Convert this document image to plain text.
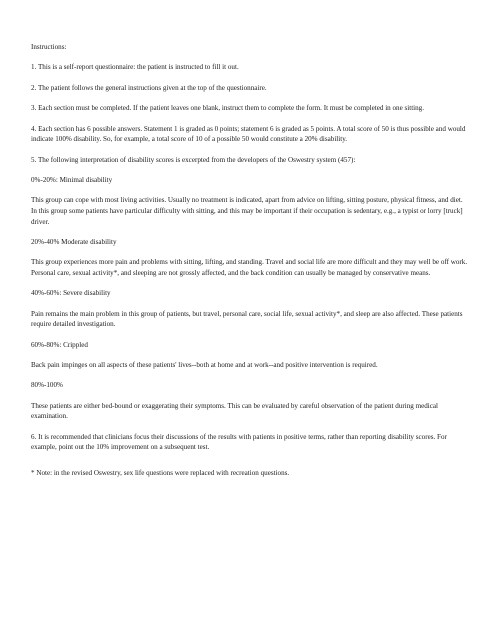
Instructions:

1. This is a self-report questionnaire: the patient is instructed to fill it out.

2. The patient follows the general instructions given at the top of the questionnaire.

3. Each section must be completed. If the patient leaves one blank, instruct them to complete the form. It must be completed in one sitting.

4. Each section has 6 possible answers. Statement 1 is graded as 0 points; statement 6 is graded as 5 points. A total score of 50 is thus possible and would indicate 100% disability. So, for example, a total score of 10 of a possible 50 would constitute a 20% disability.

5. The following interpretation of disability scores is excerpted from the developers of the Oswestry system (457):

0%-20%: Minimal disability

This group can cope with most living activities. Usually no treatment is indicated, apart from advice on lifting, sitting posture, physical fitness, and diet. In this group some patients have particular difficulty with sitting, and this may be important if their occupation is sedentary, e.g., a typist or lorry [truck] driver.

20%-40% Moderate disability

This group experiences more pain and problems with sitting, lifting, and standing. Travel and social life are more difficult and they may well be off work. Personal care, sexual activity*, and sleeping are not grossly affected, and the back condition can usually be managed by conservative means.

40%-60%: Severe disability

Pain remains the main problem in this group of patients, but travel, personal care, social life, sexual activity*, and sleep are also affected. These patients require detailed investigation.

60%-80%: Crippled

Back pain impinges on all aspects of these patients' lives--both at home and at work--and positive intervention is required.

80%-100%

These patients are either bed-bound or exaggerating their symptoms. This can be evaluated by careful observation of the patient during medical examination.

6. It is recommended that clinicians focus their discussions of the results with patients in positive terms, rather than reporting disability scores. For example, point out the 10% improvement on a subsequent test.

* Note: in the revised Oswestry, sex life questions were replaced with recreation questions.
